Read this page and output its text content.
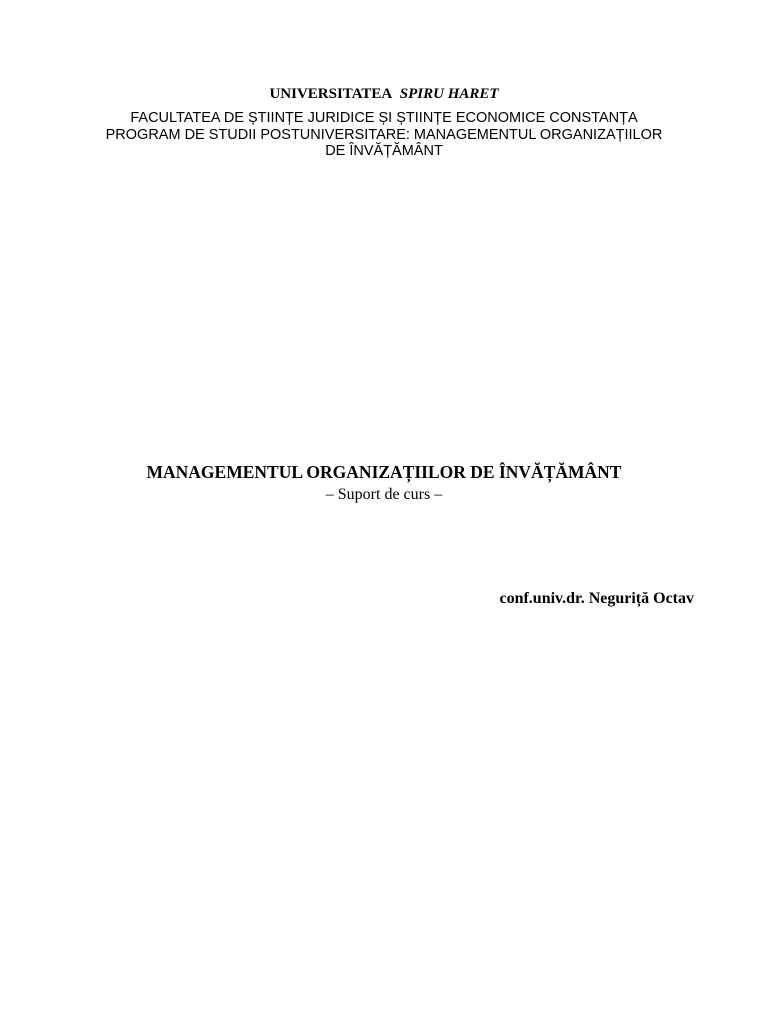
UNIVERSITATEA SPIRU HARET

FACULTATEA DE ȘTIINȚE JURIDICE ȘI ȘTIINȚE ECONOMICE CONSTANȚA
PROGRAM DE STUDII POSTUNIVERSITARE: MANAGEMENTUL ORGANIZAȚIILOR
DE ÎNVĂȚĂMÂNT

MANAGEMENTUL ORGANIZAȚIILOR DE ÎNVĂȚĂMÂNT

– Suport de curs –

conf.univ.dr. Neguriță Octav
